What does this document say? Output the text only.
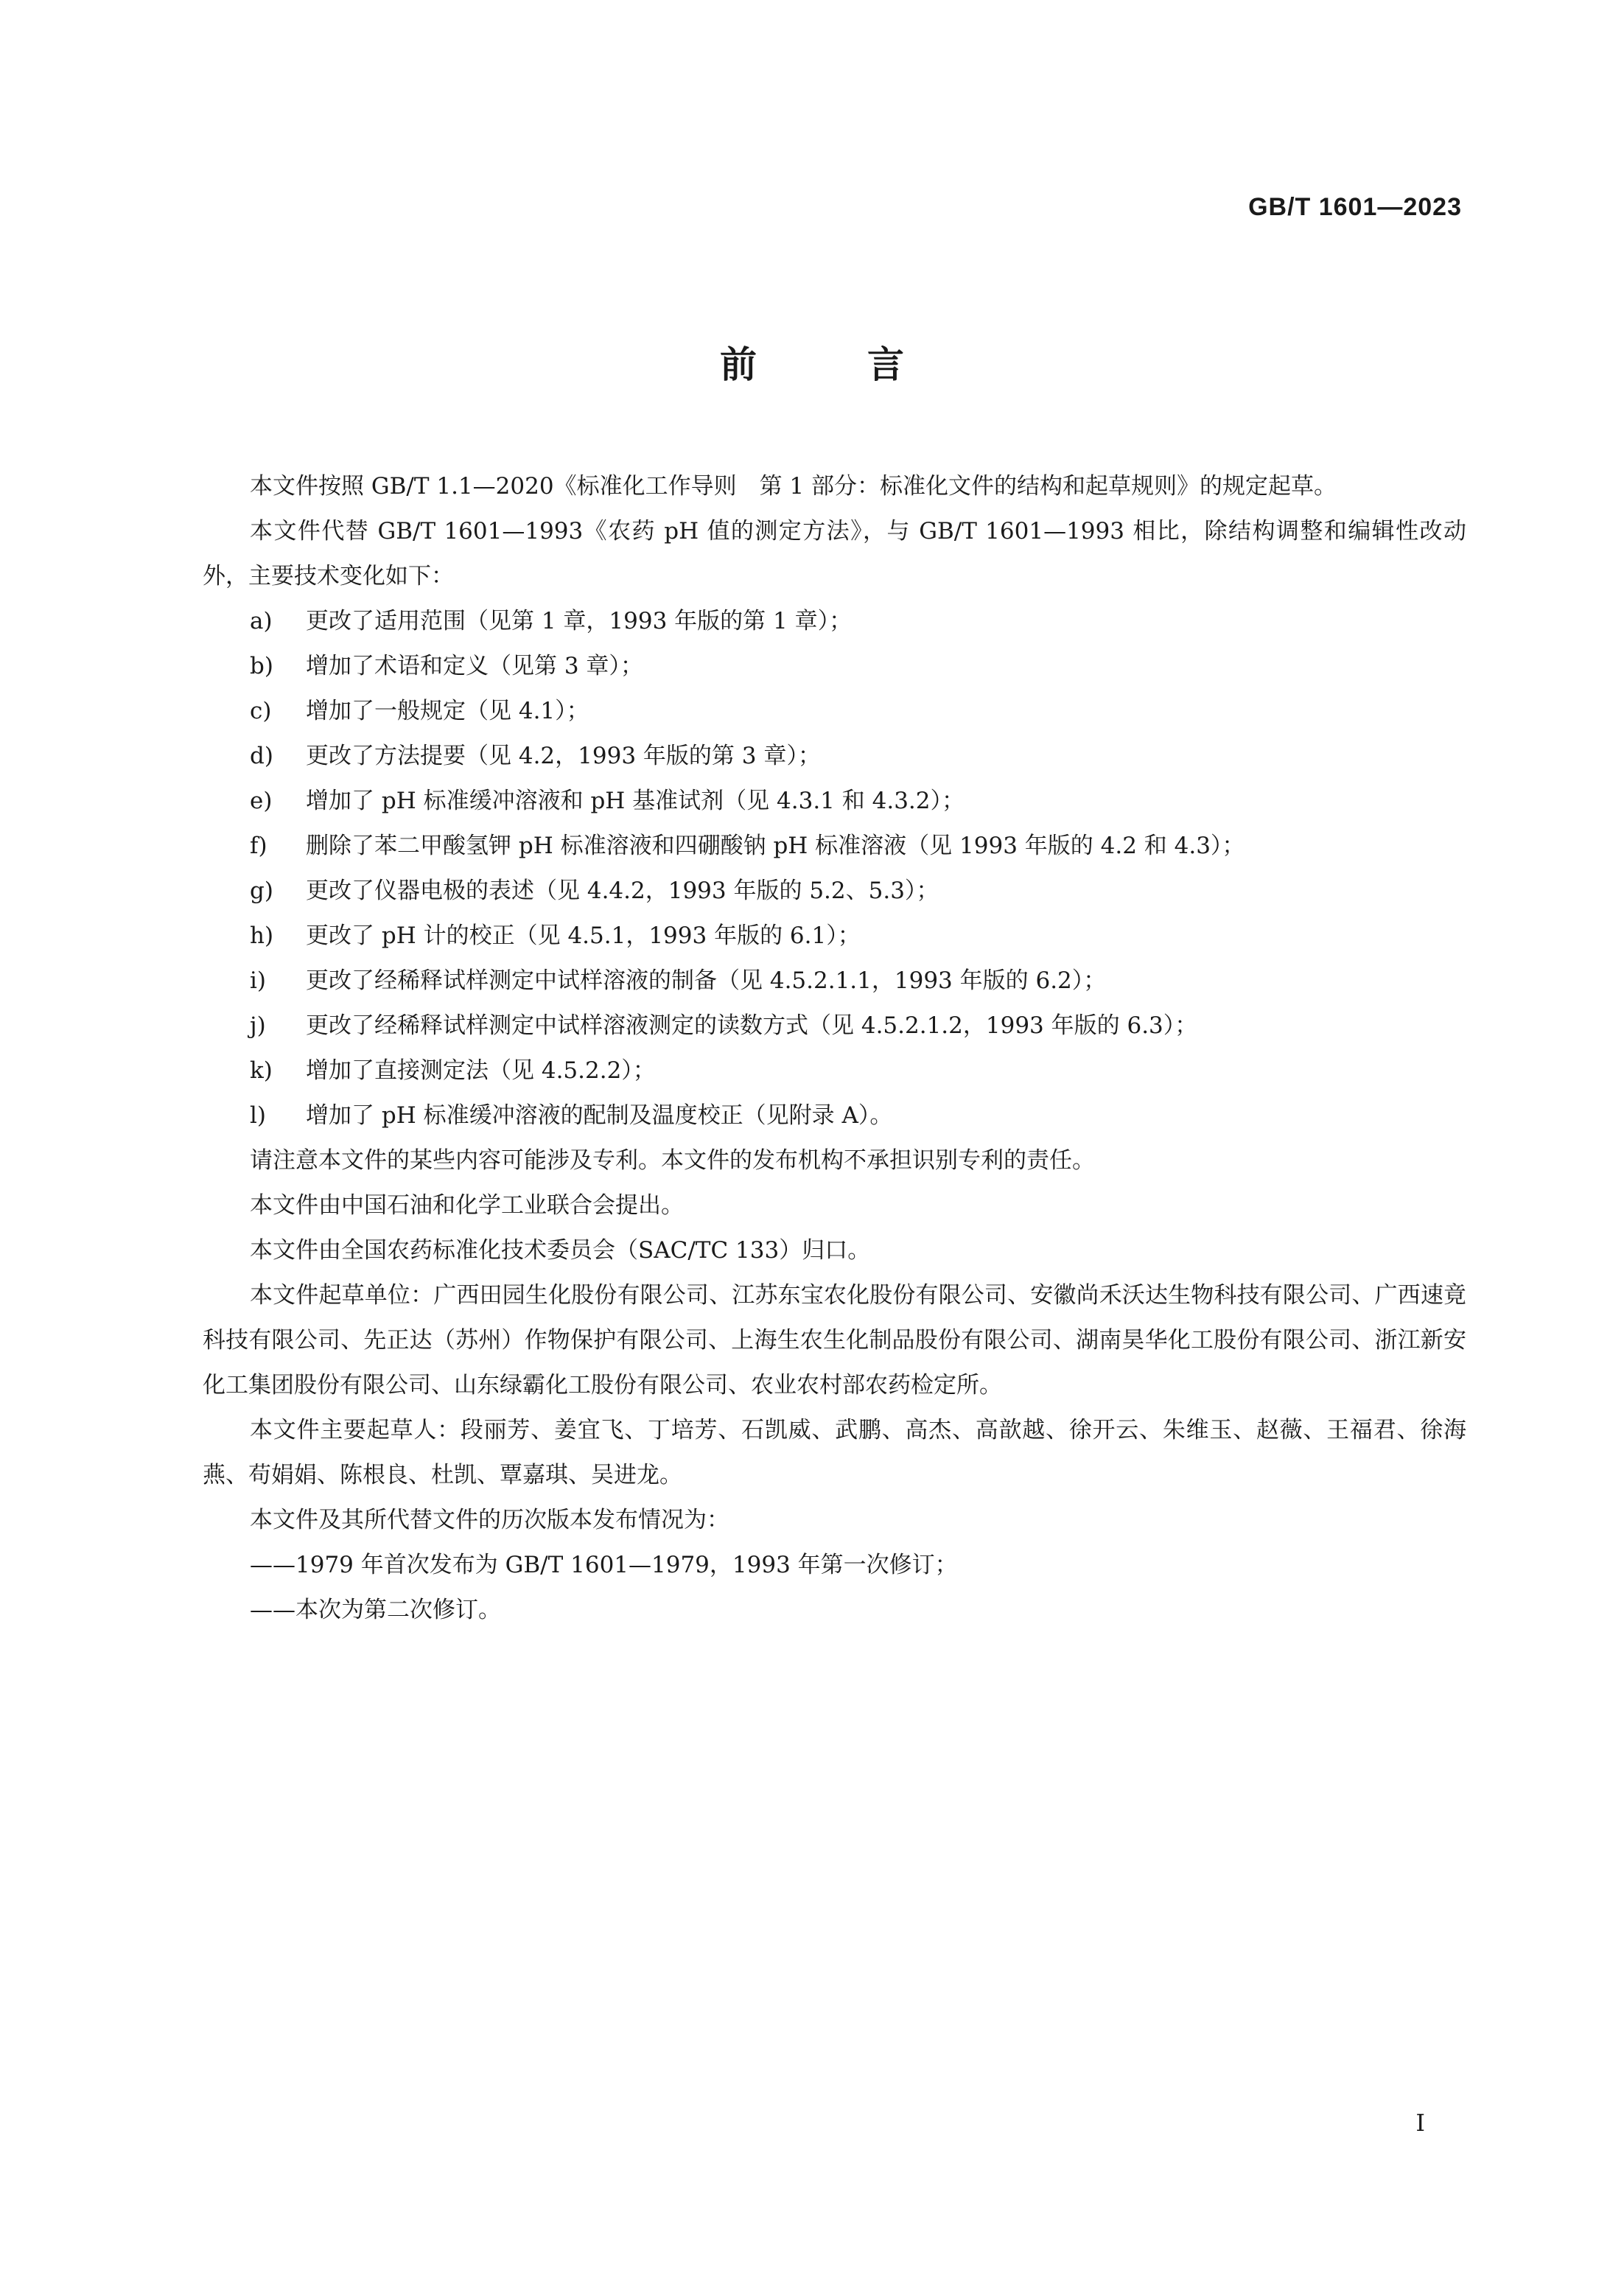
GB/T 1601—2023
前言

本文件按照 GB/T 1.1—2020《标准化工作导则　第 1 部分：标准化文件的结构和起草规则》的规定起草。

本文件代替 GB/T 1601—1993《农药 pH 值的测定方法》，与 GB/T 1601—1993 相比，除结构调整和编辑性改动外，主要技术变化如下：

a)	更改了适用范围（见第 1 章，1993 年版的第 1 章）；
b)	增加了术语和定义（见第 3 章）；
c)	增加了一般规定（见 4.1）；
d)	更改了方法提要（见 4.2，1993 年版的第 3 章）；
e)	增加了 pH 标准缓冲溶液和 pH 基准试剂（见 4.3.1 和 4.3.2）；
f)	删除了苯二甲酸氢钾 pH 标准溶液和四硼酸钠 pH 标准溶液（见 1993 年版的 4.2 和 4.3）；
g)	更改了仪器电极的表述（见 4.4.2，1993 年版的 5.2、5.3）；
h)	更改了 pH 计的校正（见 4.5.1，1993 年版的 6.1）；
i)	更改了经稀释试样测定中试样溶液的制备（见 4.5.2.1.1，1993 年版的 6.2）；
j)	更改了经稀释试样测定中试样溶液测定的读数方式（见 4.5.2.1.2，1993 年版的 6.3）；
k)	增加了直接测定法（见 4.5.2.2）；
l)	增加了 pH 标准缓冲溶液的配制及温度校正（见附录 A）。

请注意本文件的某些内容可能涉及专利。本文件的发布机构不承担识别专利的责任。

本文件由中国石油和化学工业联合会提出。

本文件由全国农药标准化技术委员会（SAC/TC 133）归口。

本文件起草单位：广西田园生化股份有限公司、江苏东宝农化股份有限公司、安徽尚禾沃达生物科技有限公司、广西速竟科技有限公司、先正达（苏州）作物保护有限公司、上海生农生化制品股份有限公司、湖南昊华化工股份有限公司、浙江新安化工集团股份有限公司、山东绿霸化工股份有限公司、农业农村部农药检定所。

本文件主要起草人：段丽芳、姜宜飞、丁培芳、石凯威、武鹏、高杰、高歆越、徐开云、朱维玉、赵薇、王福君、徐海燕、苟娟娟、陈根良、杜凯、覃嘉琪、吴进龙。

本文件及其所代替文件的历次版本发布情况为：

——1979 年首次发布为 GB/T 1601—1979，1993 年第一次修订；

——本次为第二次修订。

I
